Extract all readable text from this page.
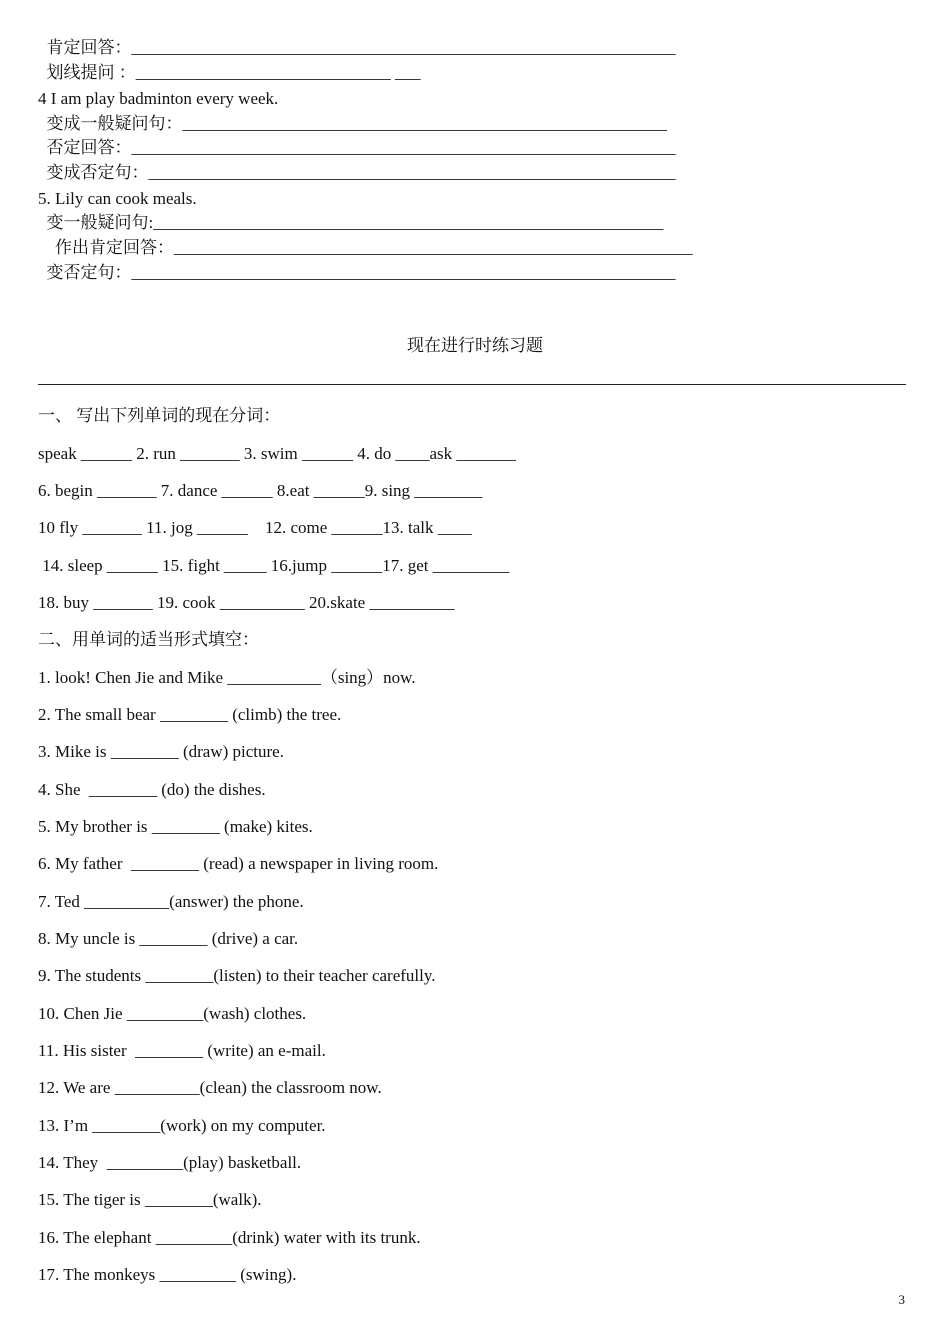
肯定回答：________________________________________________________________
划线提问 ：______________________________ ___
4 I am play badminton every week.
变成一般疑问句：_________________________________________________________
否定回答：________________________________________________________________
变成否定句：______________________________________________________________
5. Lily can cook meals.
变一般疑问句:____________________________________________________________
作出肯定回答：_____________________________________________________________
变否定句：________________________________________________________________
现在进行时练习题
一、 写出下列单词的现在分词：
speak ______ 2. run _______ 3. swim ______ 4. do ____ask _______
6. begin _______ 7. dance ______ 8.eat ______9. sing ________
10 fly _______ 11. jog ______    12. come ______13. talk ____
14. sleep ______ 15. fight _____ 16.jump ______17. get _________
18. buy _______ 19. cook __________ 20.skate __________
二、用单词的适当形式填空：
1. look! Chen Jie and Mike ___________（sing）now.
2. The small bear ________ (climb) the tree.
3. Mike is ________ (draw) picture.
4. She  ________ (do) the dishes.
5. My brother is ________ (make) kites.
6. My father  ________ (read) a newspaper in living room.
7. Ted __________(answer) the phone.
8. My uncle is ________ (drive) a car.
9. The students ________(listen) to their teacher carefully.
10. Chen Jie _________(wash) clothes.
11. His sister  ________ (write) an e-mail.
12. We are __________(clean) the classroom now.
13. I’m ________(work) on my computer.
14. They  _________(play) basketball.
15. The tiger is ________(walk).
16. The elephant _________(drink) water with its trunk.
17. The monkeys _________ (swing).
3
